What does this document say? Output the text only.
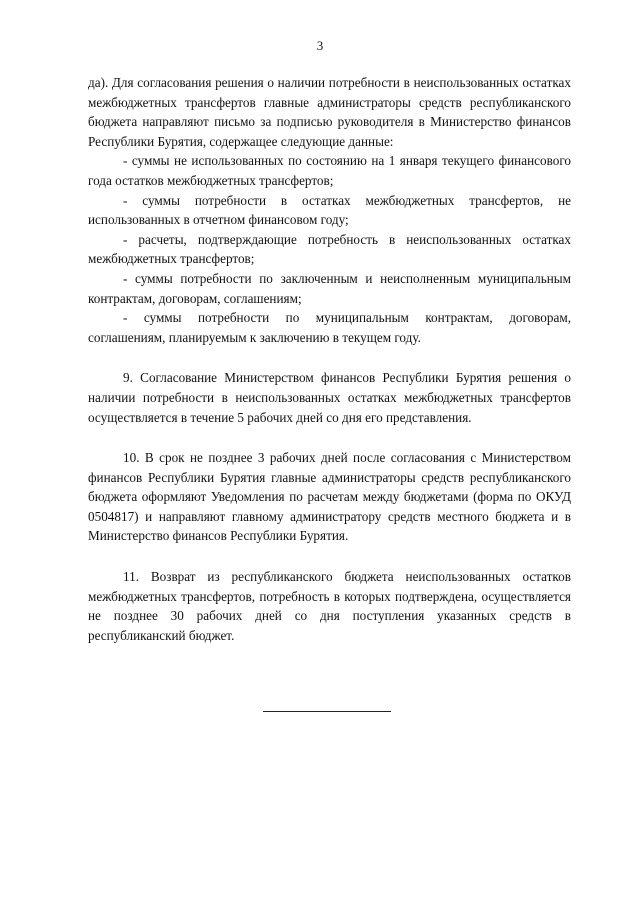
3

да). Для согласования решения о наличии потребности в неиспользованных остатках межбюджетных трансфертов главные администраторы средств республиканского бюджета направляют письмо за подписью руководителя в Министерство финансов Республики Бурятия, содержащее следующие данные:

- суммы не использованных по состоянию на 1 января текущего финансового года остатков межбюджетных трансфертов;

- суммы потребности в остатках межбюджетных трансфертов, не использованных в отчетном финансовом году;

- расчеты, подтверждающие потребность в неиспользованных остатках межбюджетных трансфертов;

- суммы потребности по заключенным и неисполненным муниципальным контрактам, договорам, соглашениям;

- суммы потребности по муниципальным контрактам, договорам, соглашениям, планируемым к заключению в текущем году.

9. Согласование Министерством финансов Республики Бурятия решения о наличии потребности в неиспользованных остатках межбюджетных трансфертов осуществляется в течение 5 рабочих дней со дня его представления.

10. В срок не позднее 3 рабочих дней после согласования с Министерством финансов Республики Бурятия главные администраторы средств республиканского бюджета оформляют Уведомления по расчетам между бюджетами (форма по ОКУД 0504817) и направляют главному администратору средств местного бюджета и в Министерство финансов Республики Бурятия.

11. Возврат из республиканского бюджета неиспользованных остатков межбюджетных трансфертов, потребность в которых подтверждена, осуществляется не позднее 30 рабочих дней со дня поступления указанных средств в республиканский бюджет.
